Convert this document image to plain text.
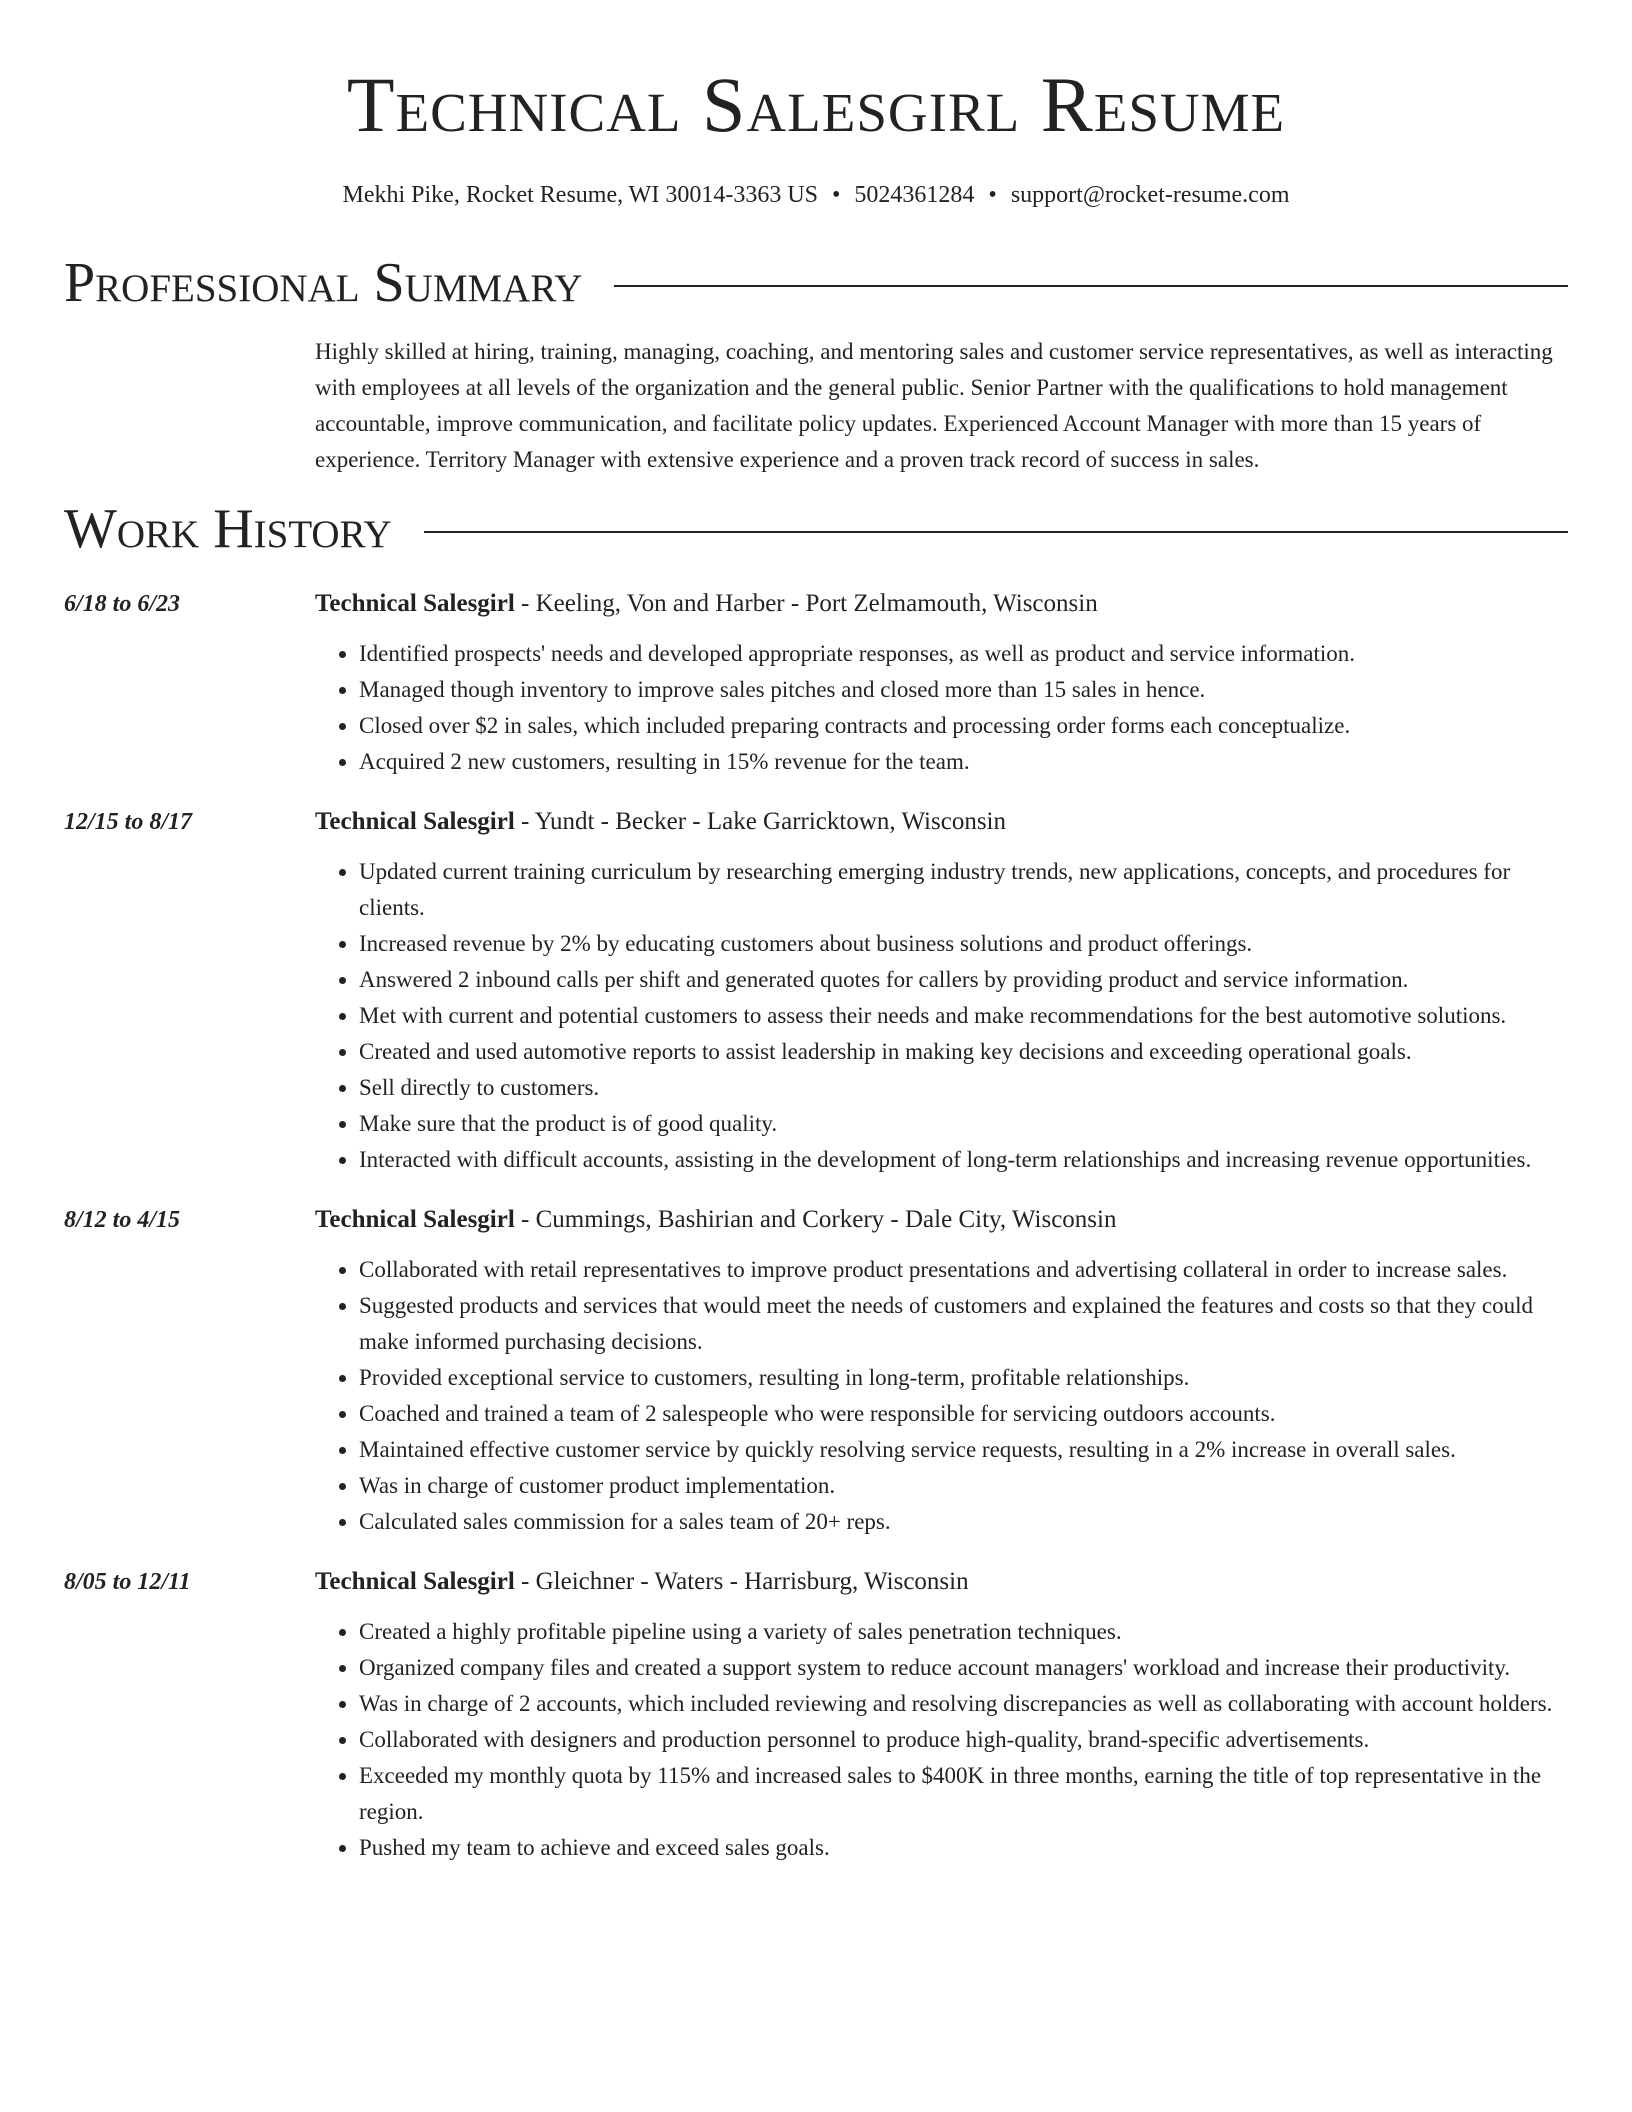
Technical Salesgirl Resume
Mekhi Pike, Rocket Resume, WI 30014-3363 US • 5024361284 • support@rocket-resume.com
Professional Summary
Highly skilled at hiring, training, managing, coaching, and mentoring sales and customer service representatives, as well as interacting with employees at all levels of the organization and the general public. Senior Partner with the qualifications to hold management accountable, improve communication, and facilitate policy updates. Experienced Account Manager with more than 15 years of experience. Territory Manager with extensive experience and a proven track record of success in sales.
Work History
6/18 to 6/23	Technical Salesgirl - Keeling, Von and Harber - Port Zelmamouth, Wisconsin
• Identified prospects' needs and developed appropriate responses, as well as product and service information.
• Managed though inventory to improve sales pitches and closed more than 15 sales in hence.
• Closed over $2 in sales, which included preparing contracts and processing order forms each conceptualize.
• Acquired 2 new customers, resulting in 15% revenue for the team.
12/15 to 8/17	Technical Salesgirl - Yundt - Becker - Lake Garricktown, Wisconsin
• Updated current training curriculum by researching emerging industry trends, new applications, concepts, and procedures for clients.
• Increased revenue by 2% by educating customers about business solutions and product offerings.
• Answered 2 inbound calls per shift and generated quotes for callers by providing product and service information.
• Met with current and potential customers to assess their needs and make recommendations for the best automotive solutions.
• Created and used automotive reports to assist leadership in making key decisions and exceeding operational goals.
• Sell directly to customers.
• Make sure that the product is of good quality.
• Interacted with difficult accounts, assisting in the development of long-term relationships and increasing revenue opportunities.
8/12 to 4/15	Technical Salesgirl - Cummings, Bashirian and Corkery - Dale City, Wisconsin
• Collaborated with retail representatives to improve product presentations and advertising collateral in order to increase sales.
• Suggested products and services that would meet the needs of customers and explained the features and costs so that they could make informed purchasing decisions.
• Provided exceptional service to customers, resulting in long-term, profitable relationships.
• Coached and trained a team of 2 salespeople who were responsible for servicing outdoors accounts.
• Maintained effective customer service by quickly resolving service requests, resulting in a 2% increase in overall sales.
• Was in charge of customer product implementation.
• Calculated sales commission for a sales team of 20+ reps.
8/05 to 12/11	Technical Salesgirl - Gleichner - Waters - Harrisburg, Wisconsin
• Created a highly profitable pipeline using a variety of sales penetration techniques.
• Organized company files and created a support system to reduce account managers' workload and increase their productivity.
• Was in charge of 2 accounts, which included reviewing and resolving discrepancies as well as collaborating with account holders.
• Collaborated with designers and production personnel to produce high-quality, brand-specific advertisements.
• Exceeded my monthly quota by 115% and increased sales to $400K in three months, earning the title of top representative in the region.
• Pushed my team to achieve and exceed sales goals.
